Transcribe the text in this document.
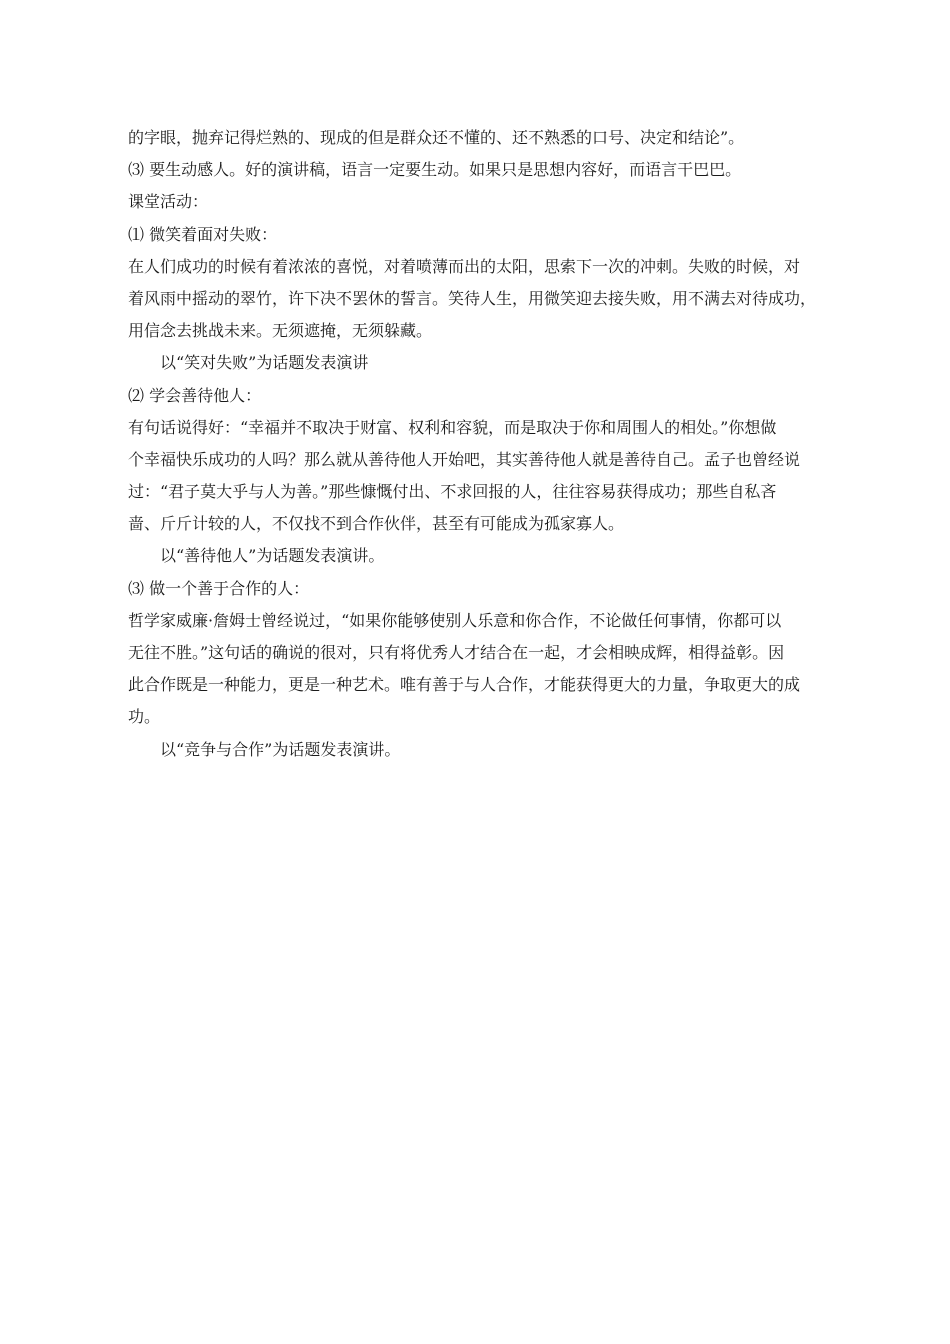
的字眼，抛弃记得烂熟的、现成的但是群众还不懂的、还不熟悉的口号、决定和结论”。
⑶ 要生动感人。好的演讲稿，语言一定要生动。如果只是思想内容好，而语言干巴巴。
课堂活动：
⑴ 微笑着面对失败：
在人们成功的时候有着浓浓的喜悦，对着喷薄而出的太阳，思索下一次的冲刺。失败的时候，对
着风雨中摇动的翠竹，许下决不罢休的誓言。笑待人生，用微笑迎去接失败，用不满去对待成功，
用信念去挑战未来。无须遮掩，无须躲藏。
以“笑对失败”为话题发表演讲
⑵ 学会善待他人：
有句话说得好：“幸福并不取决于财富、权利和容貌，而是取决于你和周围人的相处。”你想做
个幸福快乐成功的人吗？那么就从善待他人开始吧，其实善待他人就是善待自己。孟子也曾经说
过：“君子莫大乎与人为善。”那些慷慨付出、不求回报的人，往往容易获得成功；那些自私吝
啬、斤斤计较的人，不仅找不到合作伙伴，甚至有可能成为孤家寡人。
以“善待他人”为话题发表演讲。
⑶ 做一个善于合作的人：
哲学家威廉·詹姆士曾经说过，“如果你能够使别人乐意和你合作，不论做任何事情，你都可以
无往不胜。”这句话的确说的很对，只有将优秀人才结合在一起，才会相映成辉，相得益彰。因
此合作既是一种能力，更是一种艺术。唯有善于与人合作，才能获得更大的力量，争取更大的成
功。
以“竞争与合作”为话题发表演讲。
